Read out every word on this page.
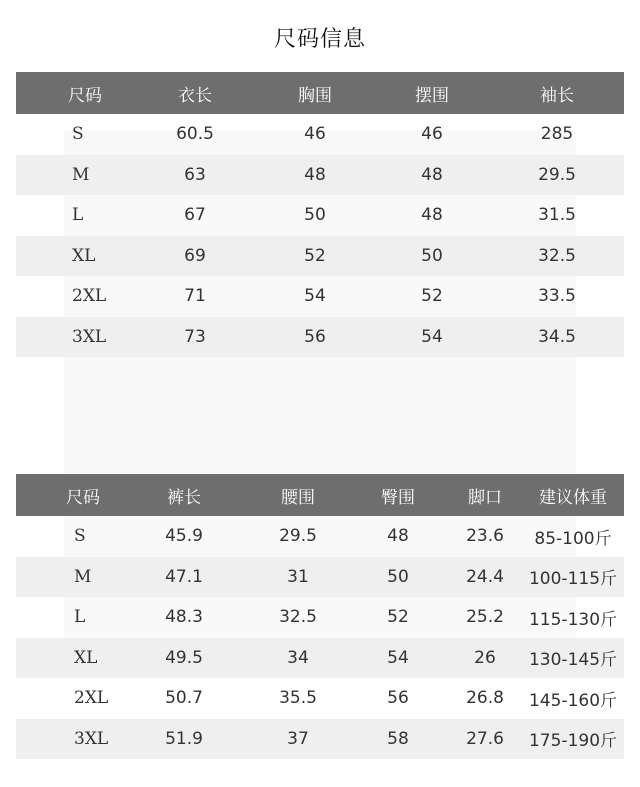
尺码信息
尺码	衣长	胸围	摆围	袖长
S	60.5	46	46	285
M	63	48	48	29.5
L	67	50	48	31.5
XL	69	52	50	32.5
2XL	71	54	52	33.5
3XL	73	56	54	34.5
尺码	裤长	腰围	臀围	脚口	建议体重
S	45.9	29.5	48	23.6	85-100斤
M	47.1	31	50	24.4	100-115斤
L	48.3	32.5	52	25.2	115-130斤
XL	49.5	34	54	26	130-145斤
2XL	50.7	35.5	56	26.8	145-160斤
3XL	51.9	37	58	27.6	175-190斤
